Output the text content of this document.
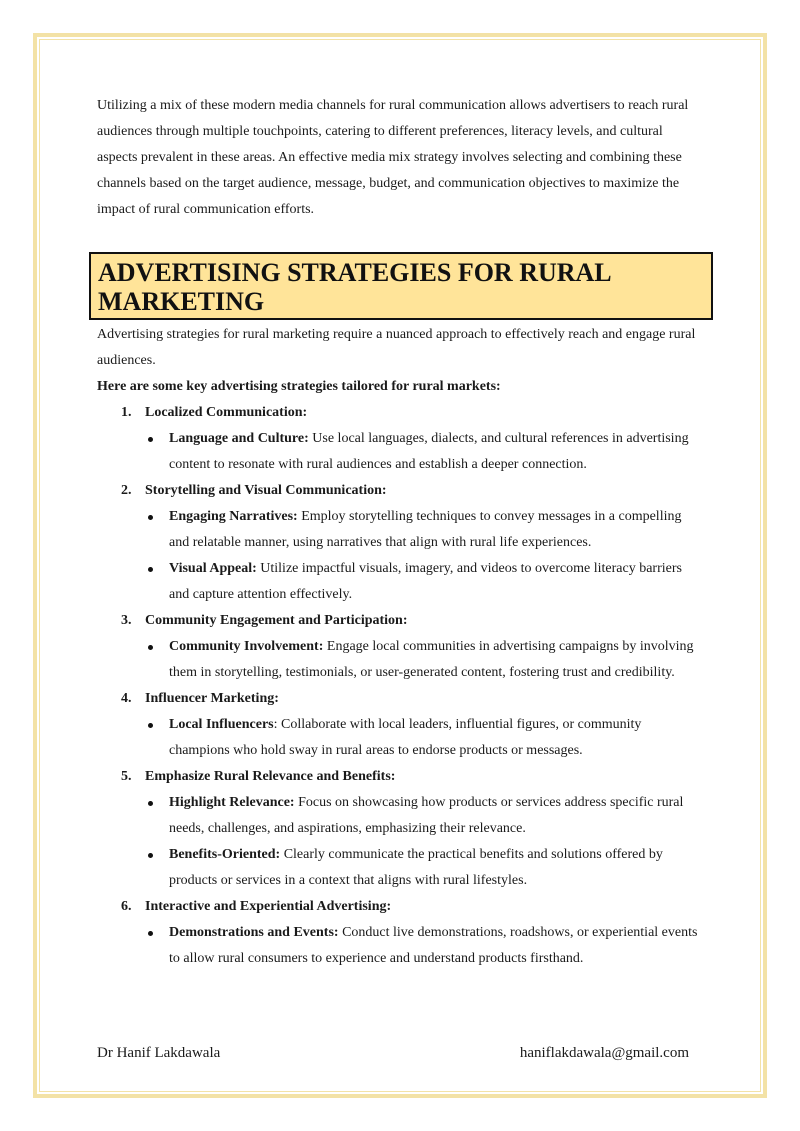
Utilizing a mix of these modern media channels for rural communication allows advertisers to reach rural audiences through multiple touchpoints, catering to different preferences, literacy levels, and cultural aspects prevalent in these areas. An effective media mix strategy involves selecting and combining these channels based on the target audience, message, budget, and communication objectives to maximize the impact of rural communication efforts.

ADVERTISING STRATEGIES FOR RURAL MARKETING

Advertising strategies for rural marketing require a nuanced approach to effectively reach and engage rural audiences.

Here are some key advertising strategies tailored for rural markets:

1. Localized Communication:
Language and Culture: Use local languages, dialects, and cultural references in advertising content to resonate with rural audiences and establish a deeper connection.
2. Storytelling and Visual Communication:
Engaging Narratives: Employ storytelling techniques to convey messages in a compelling and relatable manner, using narratives that align with rural life experiences.
Visual Appeal: Utilize impactful visuals, imagery, and videos to overcome literacy barriers and capture attention effectively.
3. Community Engagement and Participation:
Community Involvement: Engage local communities in advertising campaigns by involving them in storytelling, testimonials, or user-generated content, fostering trust and credibility.
4. Influencer Marketing:
Local Influencers: Collaborate with local leaders, influential figures, or community champions who hold sway in rural areas to endorse products or messages.
5. Emphasize Rural Relevance and Benefits:
Highlight Relevance: Focus on showcasing how products or services address specific rural needs, challenges, and aspirations, emphasizing their relevance.
Benefits-Oriented: Clearly communicate the practical benefits and solutions offered by products or services in a context that aligns with rural lifestyles.
6. Interactive and Experiential Advertising:
Demonstrations and Events: Conduct live demonstrations, roadshows, or experiential events to allow rural consumers to experience and understand products firsthand.
Dr Hanif Lakdawala	haniflakdawala@gmail.com
